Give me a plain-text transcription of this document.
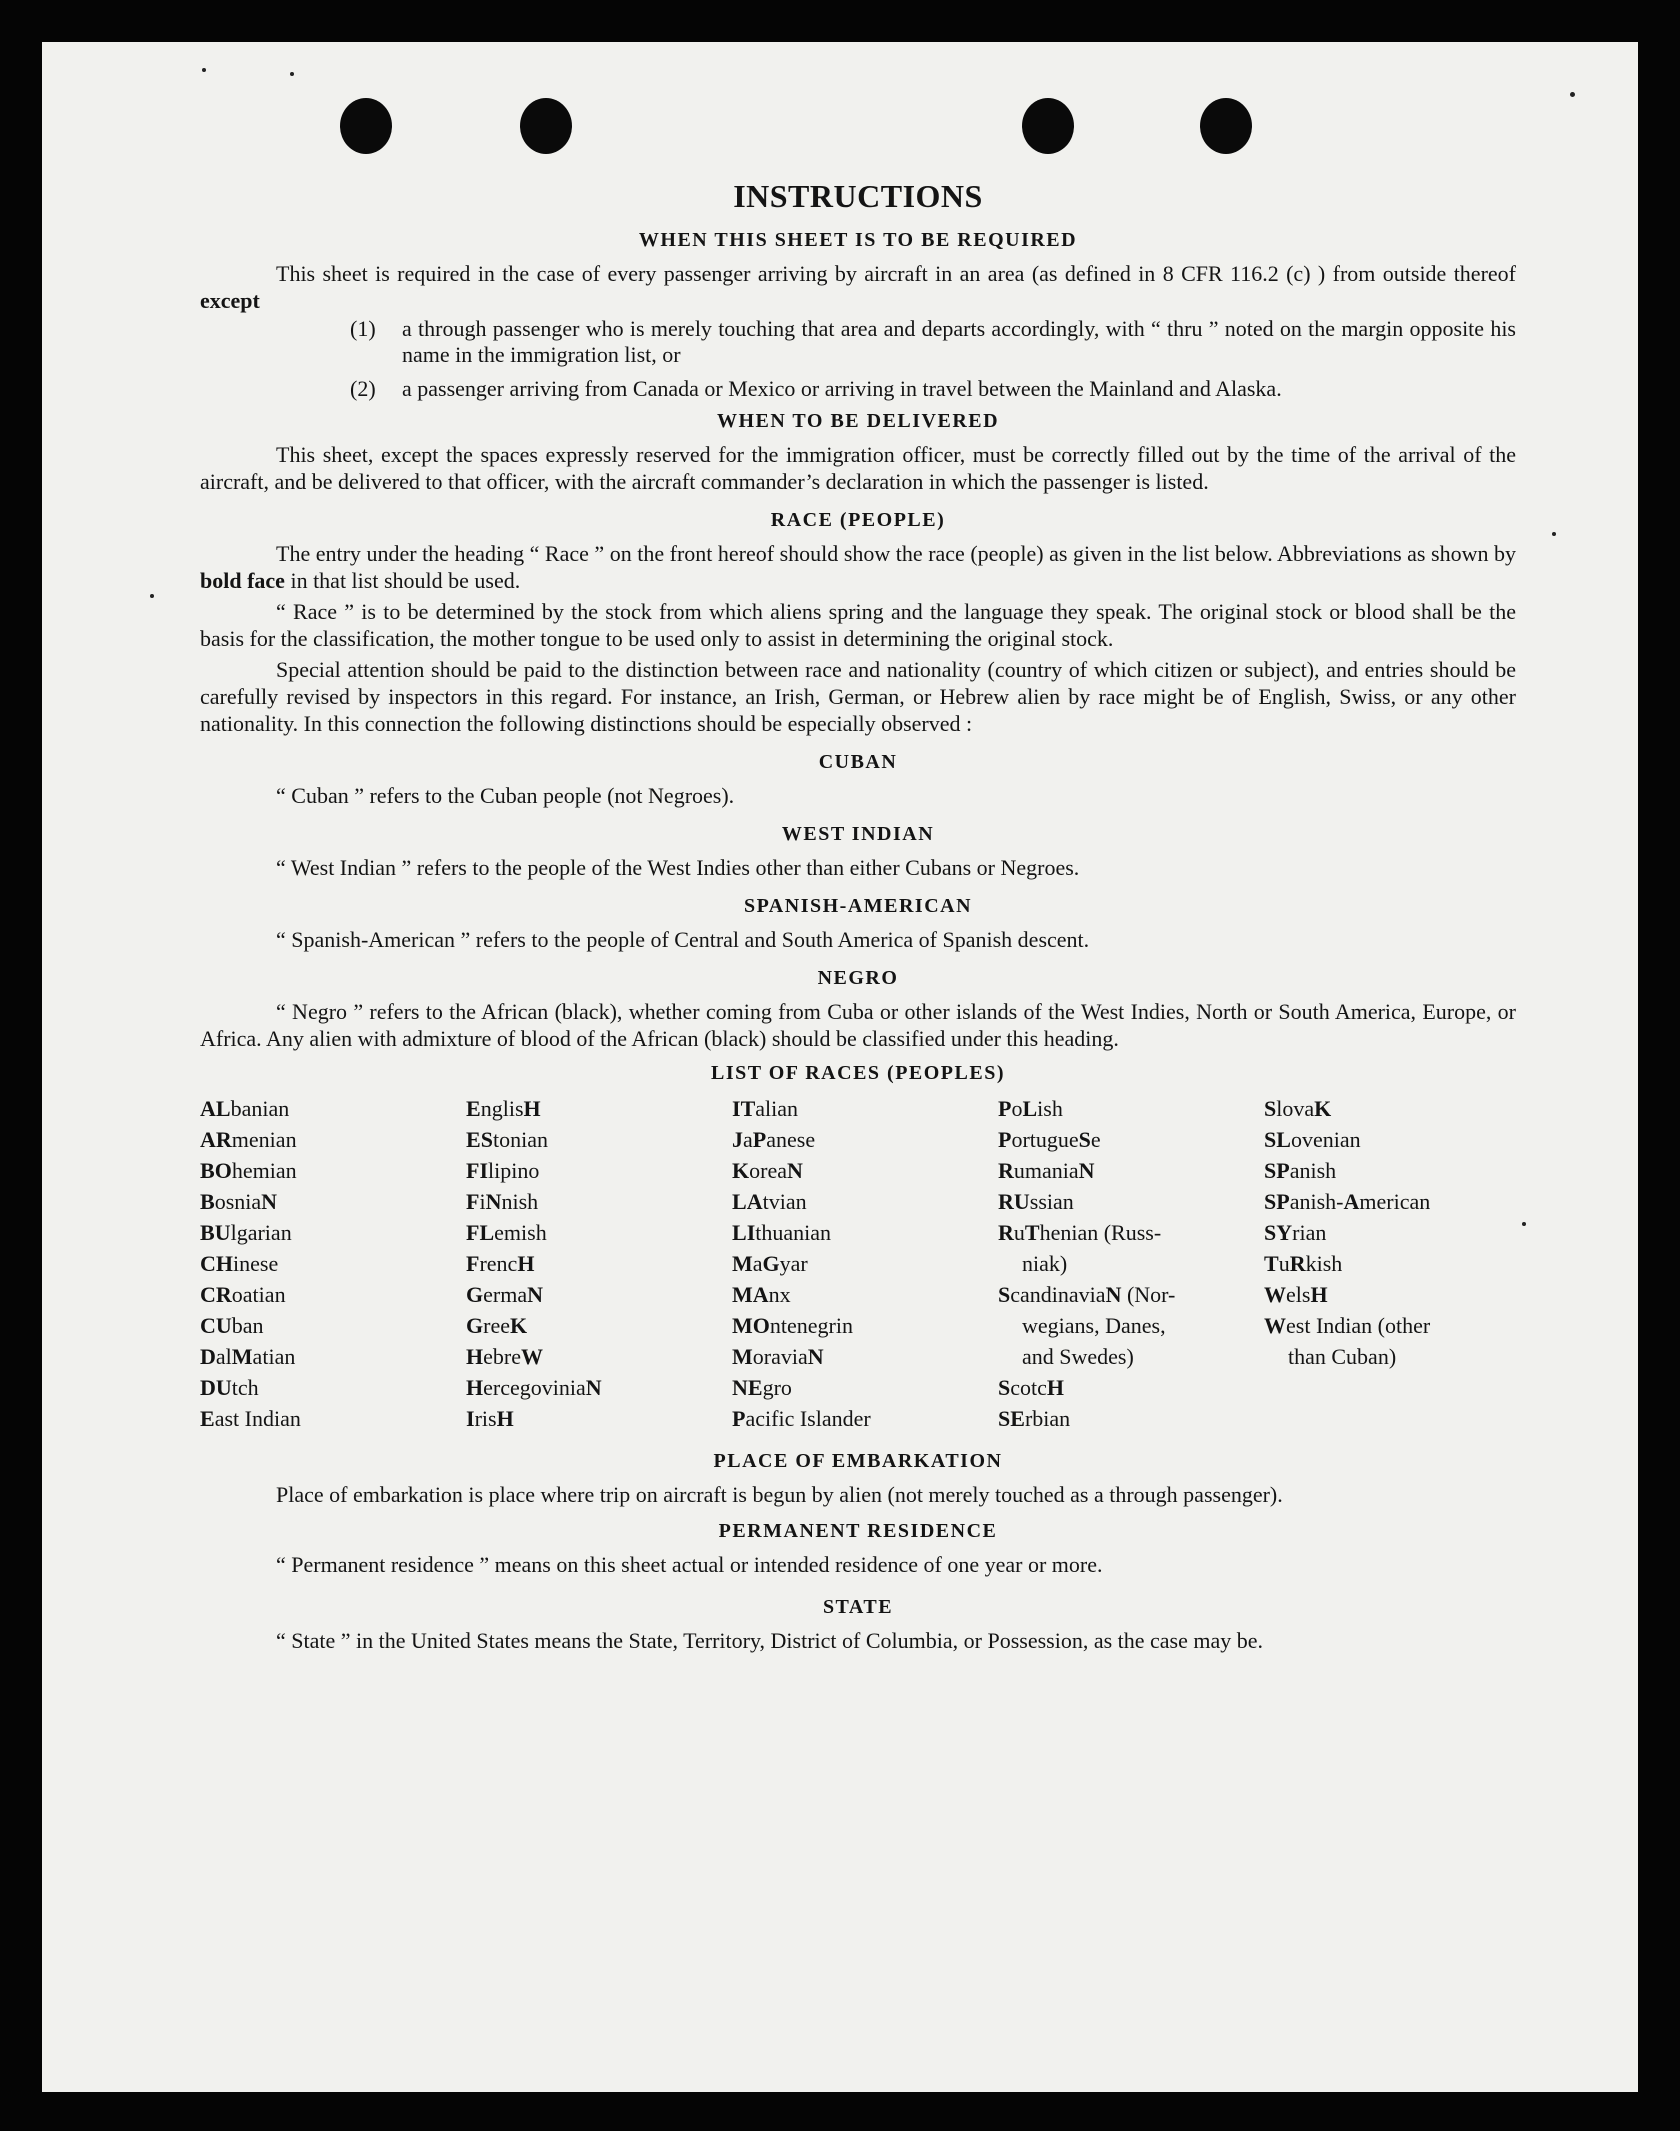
INSTRUCTIONS
WHEN THIS SHEET IS TO BE REQUIRED

This sheet is required in the case of every passenger arriving by aircraft in an area (as defined in 8 CFR 116.2 (c) ) from outside thereof except

(1)	a through passenger who is merely touching that area and departs accordingly, with “ thru ” noted on the margin opposite his name in the immigration list, or
(2)	a passenger arriving from Canada or Mexico or arriving in travel between the Mainland and Alaska.
WHEN TO BE DELIVERED

This sheet, except the spaces expressly reserved for the immigration officer, must be correctly filled out by the time of the arrival of the aircraft, and be delivered to that officer, with the aircraft commander’s declaration in which the passenger is listed.

RACE (PEOPLE)

The entry under the heading “ Race ” on the front hereof should show the race (people) as given in the list below. Abbreviations as shown by bold face in that list should be used.

“ Race ” is to be determined by the stock from which aliens spring and the language they speak. The original stock or blood shall be the basis for the classification, the mother tongue to be used only to assist in determining the original stock.

Special attention should be paid to the distinction between race and nationality (country of which citizen or subject), and entries should be carefully revised by inspectors in this regard. For instance, an Irish, German, or Hebrew alien by race might be of English, Swiss, or any other nationality. In this connection the following distinctions should be especially observed :

CUBAN
“ Cuban ” refers to the Cuban people (not Negroes).
WEST INDIAN
“ West Indian ” refers to the people of the West Indies other than either Cubans or Negroes.
SPANISH-AMERICAN
“ Spanish-American ” refers to the people of Central and South America of Spanish descent.
NEGRO

“ Negro ” refers to the African (black), whether coming from Cuba or other islands of the West Indies, North or South America, Europe, or Africa. Any alien with admixture of blood of the African (black) should be classified under this heading.

LIST OF RACES (PEOPLES)
ALbanian	EnglisH	ITalian	PoLish	SlovaK
ARmenian	EStonian	JaPanese	PortugueSe	SLovenian
BOhemian	FIlipino	KoreaN	RumaniaN	SPanish
BosniaN	FiNnish	LAtvian	RUssian	SPanish-American
BUlgarian	FLemish	LIthuanian	RuThenian (Russ-	SYrian
CHinese	FrencH	MaGyar	niak)	TuRkish
CRoatian	GermaN	MAnx	ScandinaviaN (Nor-	WelsH
CUban	GreeK	MOntenegrin	wegians, Danes,	West Indian (other
DalMatian	HebreW	MoraviaN	and Swedes)	than Cuban)
DUtch	HercegoviniaN	NEgro	ScotcH
East Indian	IrisH	Pacific Islander	SErbian
PLACE OF EMBARKATION

Place of embarkation is place where trip on aircraft is begun by alien (not merely touched as a through passenger).

PERMANENT RESIDENCE
“ Permanent residence ” means on this sheet actual or intended residence of one year or more.
STATE

“ State ” in the United States means the State, Territory, District of Columbia, or Possession, as the case may be.
